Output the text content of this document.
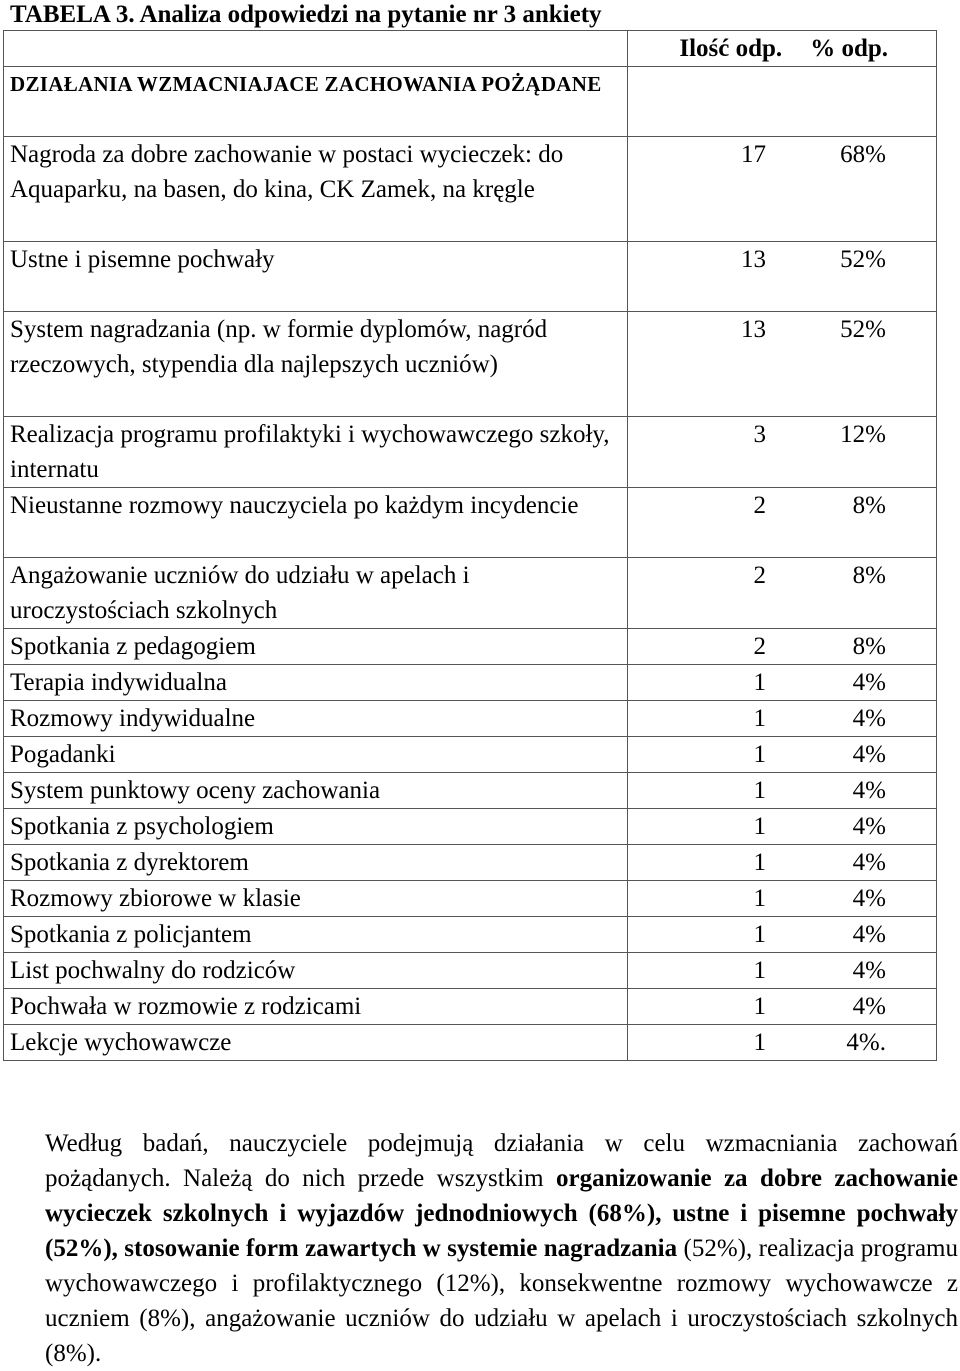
TABELA 3. Analiza odpowiedzi na pytanie nr 3 ankiety

	Ilość odp. % odp.

DZIAŁANIA WZMACNIAJACE ZACHOWANIA POŻĄDANE	

Nagroda za dobre zachowanie w postaci wycieczek: do Aquaparku, na basen, do kina, CK Zamek, na kręgle	17 68%

Ustne i pisemne pochwały	13 52%

System nagradzania (np. w formie dyplomów, nagród rzeczowych, stypendia dla najlepszych uczniów)	13 52%

Realizacja programu profilaktyki i wychowawczego szkoły, internatu	3 12%

Nieustanne rozmowy nauczyciela po każdym incydencie	2 8%

Angażowanie uczniów do udziału w apelach i uroczystościach szkolnych	2 8%

Spotkania z pedagogiem	2 8%

Terapia indywidualna	1 4%

Rozmowy indywidualne	1 4%

Pogadanki	1 4%

System punktowy oceny zachowania	1 4%

Spotkania z psychologiem	1 4%

Spotkania z dyrektorem	1 4%

Rozmowy zbiorowe w klasie	1 4%

Spotkania z policjantem	1 4%

List pochwalny do rodziców	1 4%

Pochwała w rozmowie z rodzicami	1 4%

Lekcje wychowawcze	1 4%.

Według badań, nauczyciele podejmują działania w celu wzmacniania zachowań pożądanych. Należą do nich przede wszystkim organizowanie za dobre zachowanie wycieczek szkolnych i wyjazdów jednodniowych (68%), ustne i pisemne pochwały (52%), stosowanie form zawartych w systemie nagradzania (52%), realizacja programu wychowawczego i profilaktycznego (12%), konsekwentne rozmowy wychowawcze z uczniem (8%), angażowanie uczniów do udziału w apelach i uroczystościach szkolnych (8%).
